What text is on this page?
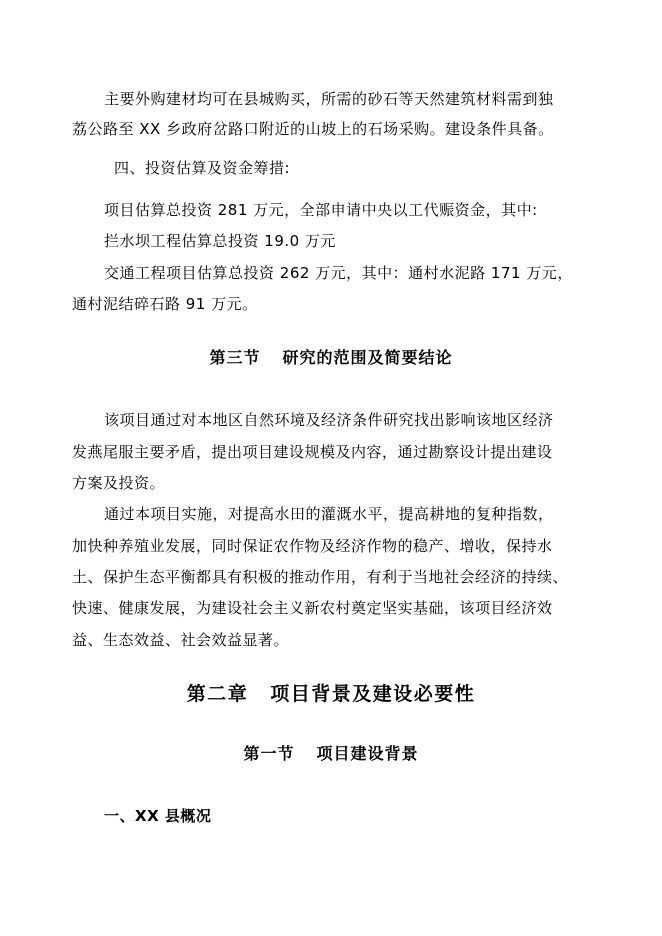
主要外购建材均可在县城购买，所需的砂石等天然建筑材料需到独
荔公路至 XX 乡政府岔路口附近的山坡上的石场采购。建设条件具备。
四、投资估算及资金筹措:
项目估算总投资 281 万元，全部申请中央以工代赈资金，其中:
拦水坝工程估算总投资 19.0 万元
交通工程项目估算总投资 262 万元，其中：通村水泥路 171 万元，
通村泥结碎石路 91 万元。
第三节 研究的范围及简要结论
该项目通过对本地区自然环境及经济条件研究找出影响该地区经济
发燕尾服主要矛盾，提出项目建设规模及内容，通过勘察设计提出建设
方案及投资。
通过本项目实施，对提高水田的灌溉水平，提高耕地的复种指数，
加快种养殖业发展，同时保证农作物及经济作物的稳产、增收，保持水
土、保护生态平衡都具有积极的推动作用，有利于当地社会经济的持续、
快速、健康发展，为建设社会主义新农村奠定坚实基础，该项目经济效
益、生态效益、社会效益显著。
第二章 项目背景及建设必要性
第一节 项目建设背景
一、XX 县概况
